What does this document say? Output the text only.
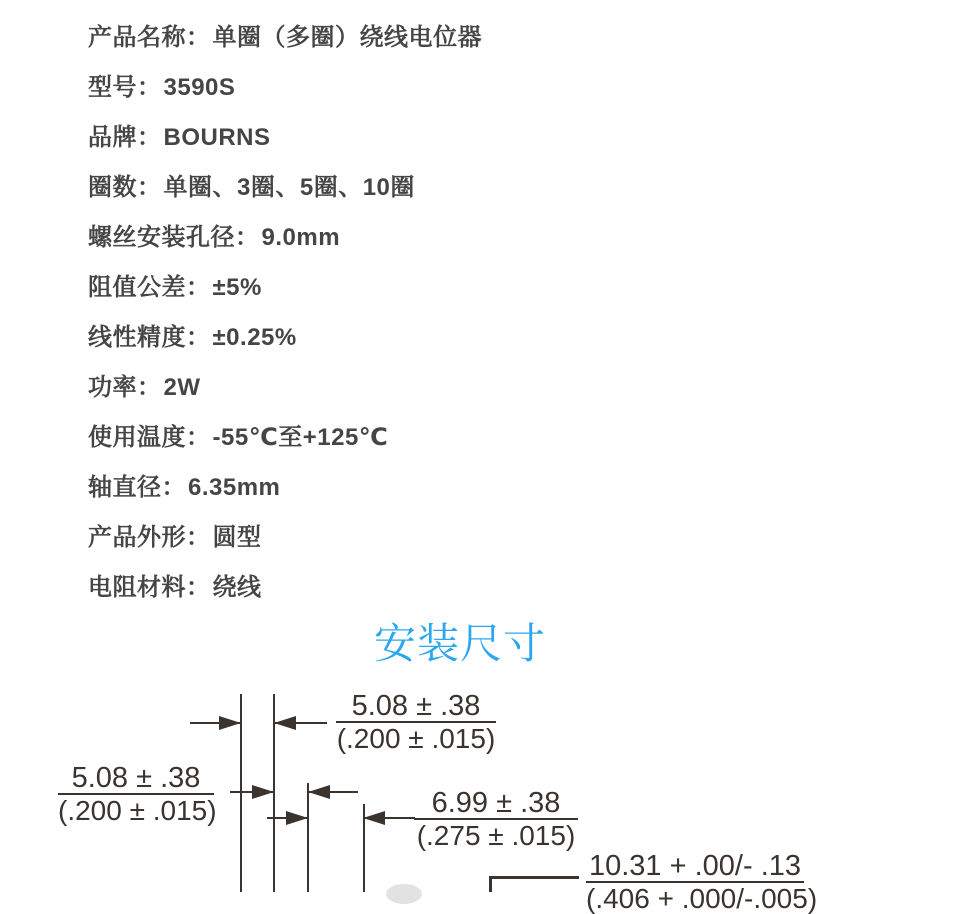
产品名称：单圈（多圈）绕线电位器
型号：3590S
品牌：BOURNS
圈数：单圈、3圈、5圈、10圈
螺丝安装孔径：9.0mm
阻值公差：±5%
线性精度：±0.25%
功率：2W
使用温度：-55℃至+125℃
轴直径：6.35mm
产品外形：圆型
电阻材料：绕线
安装尺寸
5.08 ± .38
(.200 ± .015)
5.08 ± .38
(.200 ± .015)	6.99 ± .38
(.275 ± .015)
10.31 + .00/- .13
(.406 + .000/-.005)
